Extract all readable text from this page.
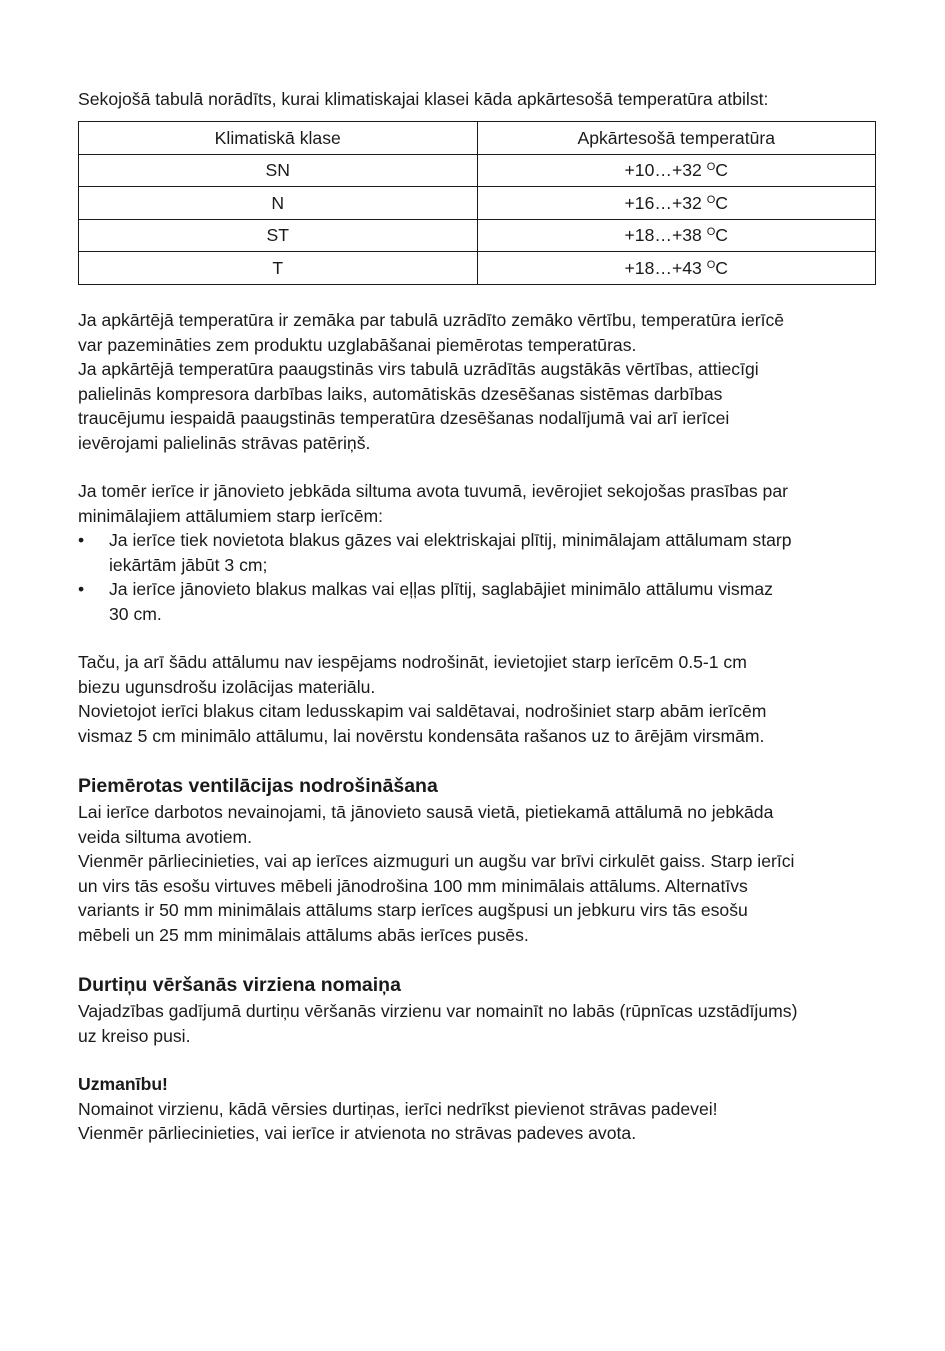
Sekojošā tabulā norādīts, kurai klimatiskajai klasei kāda apkārtesošā temperatūra atbilst:

Klimatiskā klase	Apkārtesošā temperatūra
SN	+10…+32 $^O$C
N	+16…+32 $^O$C
ST	+18…+38 $^O$C
T	+18…+43 $^O$C

Ja apkārtējā temperatūra ir zemāka par tabulā uzrādīto zemāko vērtību, temperatūra ierīcē

var pazemināties zem produktu uzglabāšanai piemērotas temperatūras.

Ja apkārtējā temperatūra paaugstinās virs tabulā uzrādītās augstākās vērtības, attiecīgi

palielinās kompresora darbības laiks, automātiskās dzesēšanas sistēmas darbības

traucējumu iespaidā paaugstinās temperatūra dzesēšanas nodalījumā vai arī ierīcei

ievērojami palielinās strāvas patēriņš.

Ja tomēr ierīce ir jānovieto jebkāda siltuma avota tuvumā, ievērojiet sekojošas prasības par

minimālajiem attālumiem starp ierīcēm:

• Ja ierīce tiek novietota blakus gāzes vai elektriskajai plītij, minimālajam attālumam starp

iekārtām jābūt 3 cm;

• Ja ierīce jānovieto blakus malkas vai eļļas plītij, saglabājiet minimālo attālumu vismaz

30 cm.

Taču, ja arī šādu attālumu nav iespējams nodrošināt, ievietojiet starp ierīcēm 0.5-1 cm

biezu ugunsdrošu izolācijas materiālu.

Novietojot ierīci blakus citam ledusskapim vai saldētavai, nodrošiniet starp abām ierīcēm

vismaz 5 cm minimālo attālumu, lai novērstu kondensāta rašanos uz to ārējām virsmām.

Piemērotas ventilācijas nodrošināšana

Lai ierīce darbotos nevainojami, tā jānovieto sausā vietā, pietiekamā attālumā no jebkāda

veida siltuma avotiem.

Vienmēr pārliecinieties, vai ap ierīces aizmuguri un augšu var brīvi cirkulēt gaiss. Starp ierīci

un virs tās esošu virtuves mēbeli jānodrošina 100 mm minimālais attālums. Alternatīvs

variants ir 50 mm minimālais attālums starp ierīces augšpusi un jebkuru virs tās esošu

mēbeli un 25 mm minimālais attālums abās ierīces pusēs.

Durtiņu vēršanās virziena nomaiņa

Vajadzības gadījumā durtiņu vēršanās virzienu var nomainīt no labās (rūpnīcas uzstādījums)

uz kreiso pusi.

Uzmanību!

Nomainot virzienu, kādā vērsies durtiņas, ierīci nedrīkst pievienot strāvas padevei!

Vienmēr pārliecinieties, vai ierīce ir atvienota no strāvas padeves avota.
